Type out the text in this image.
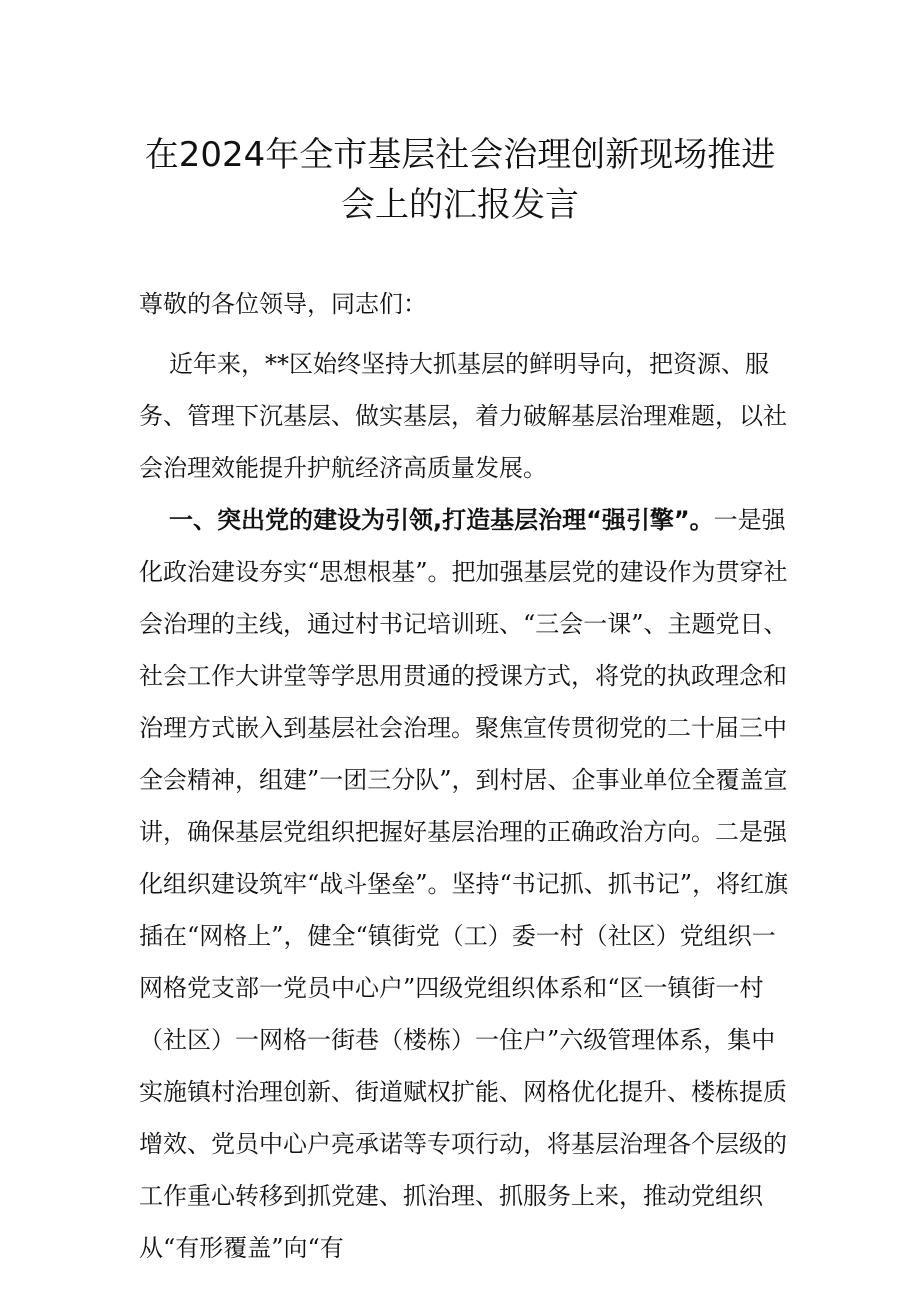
在2024年全市基层社会治理创新现场推进
会上的汇报发言

尊敬的各位领导，同志们：

近年来，**区始终坚持大抓基层的鲜明导向，把资源、服务、管理下沉基层、做实基层，着力破解基层治理难题，以社会治理效能提升护航经济高质量发展。

一、突出党的建设为引领,打造基层治理“强引擎”。一是强化政治建设夯实“思想根基”。把加强基层党的建设作为贯穿社会治理的主线，通过村书记培训班、“三会一课”、主题党日、社会工作大讲堂等学思用贯通的授课方式，将党的执政理念和治理方式嵌入到基层社会治理。聚焦宣传贯彻党的二十届三中全会精神，组建”一团三分队”，到村居、企事业单位全覆盖宣讲，确保基层党组织把握好基层治理的正确政治方向。二是强化组织建设筑牢“战斗堡垒”。坚持“书记抓、抓书记”，将红旗插在“网格上”，健全“镇街党（工）委一村（社区）党组织一网格党支部一党员中心户”四级党组织体系和“区一镇街一村（社区）一网格一街巷（楼栋）一住户”六级管理体系，集中实施镇村治理创新、街道赋权扩能、网格优化提升、楼栋提质增效、党员中心户亮承诺等专项行动，将基层治理各个层级的工作重心转移到抓党建、抓治理、抓服务上来，推动党组织从“有形覆盖”向“有
